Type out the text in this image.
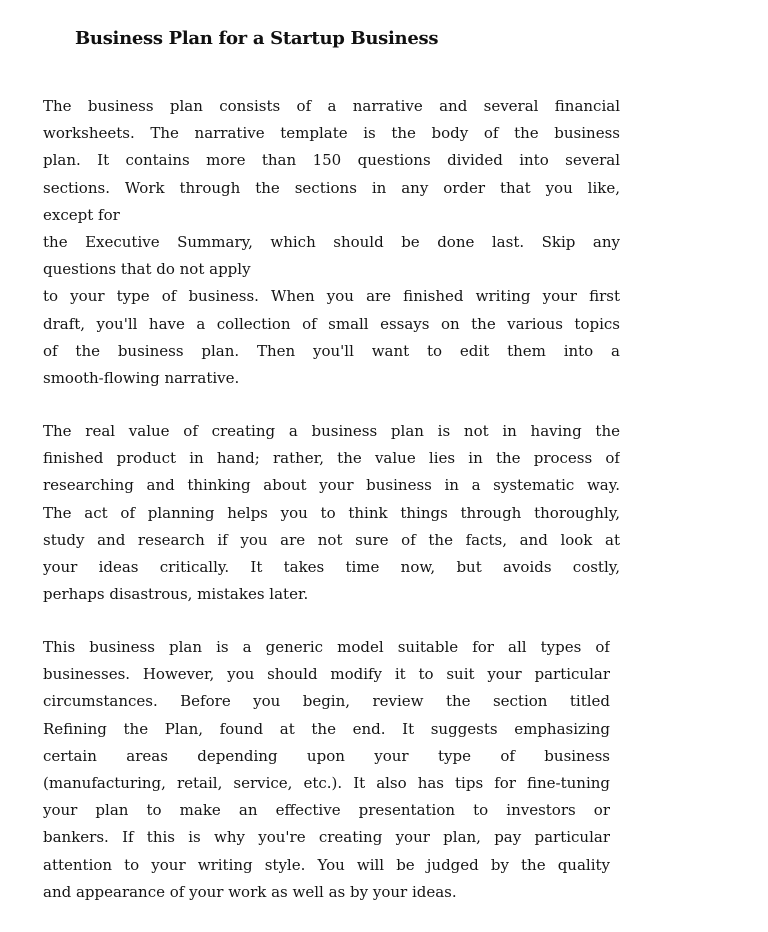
Business Plan for a Startup Business
The business plan consists of a narrative and several financial
worksheets. The narrative template is the body of the business
plan. It contains more than 150 questions divided into several
sections. Work through the sections in any order that you like,
except for
the Executive Summary, which should be done last. Skip any
questions that do not apply
to your type of business. When you are finished writing your first
draft, you'll have a collection of small essays on the various topics
of the business plan. Then you'll want to edit them into a
smooth-flowing narrative.
The real value of creating a business plan is not in having the
finished product in hand; rather, the value lies in the process of
researching and thinking about your business in a systematic way.
The act of planning helps you to think things through thoroughly,
study and research if you are not sure of the facts, and look at
your ideas critically. It takes time now, but avoids costly,
perhaps disastrous, mistakes later.
This business plan is a generic model suitable for all types of
businesses. However, you should modify it to suit your particular
circumstances. Before you begin, review the section titled
Refining the Plan, found at the end. It suggests emphasizing
certain areas depending upon your type of business
(manufacturing, retail, service, etc.). It also has tips for fine-tuning
your plan to make an effective presentation to investors or
bankers. If this is why you're creating your plan, pay particular
attention to your writing style. You will be judged by the quality
and appearance of your work as well as by your ideas.
